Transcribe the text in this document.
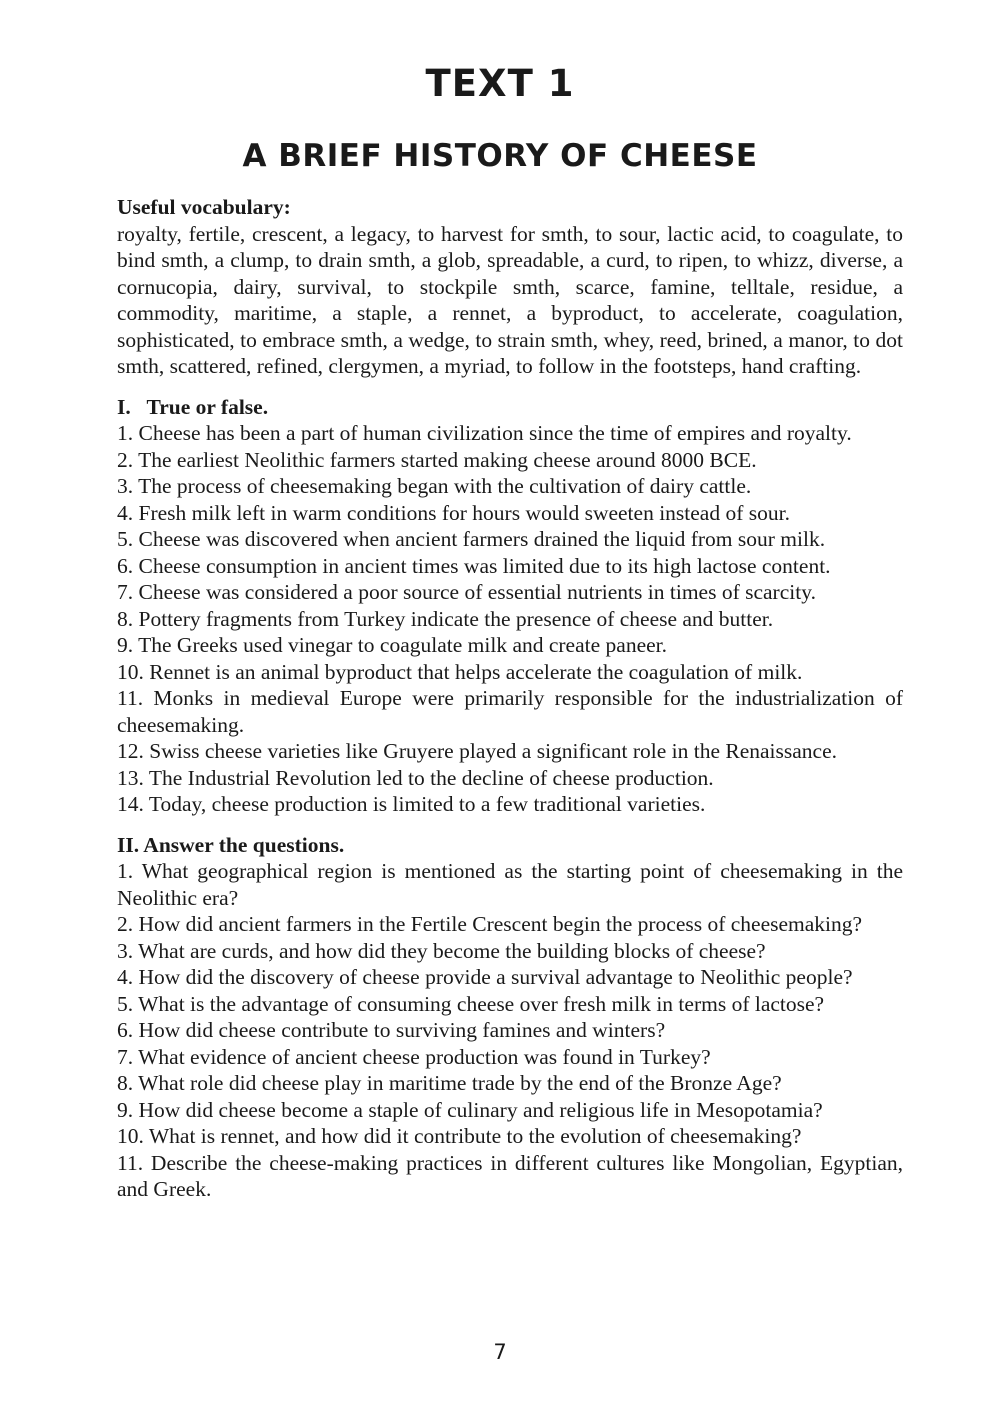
TEXT 1
A BRIEF HISTORY OF CHEESE

Useful vocabulary:

royalty, fertile, crescent, a legacy, to harvest for smth, to sour, lactic acid, to coagulate, to bind smth, a clump, to drain smth, a glob, spreadable, a curd, to ripen, to whizz, diverse, a cornucopia, dairy, survival, to stockpile smth, scarce, famine, telltale, residue, a commodity, maritime, a staple, a rennet, a byproduct, to accelerate, coagulation, sophisticated, to embrace smth, a wedge, to strain smth, whey, reed, brined, a manor, to dot smth, scattered, refined, clergymen, a myriad, to follow in the footsteps, hand crafting.

I.   True or false.

1. Cheese has been a part of human civilization since the time of empires and royalty.
2. The earliest Neolithic farmers started making cheese around 8000 BCE.
3. The process of cheesemaking began with the cultivation of dairy cattle.
4. Fresh milk left in warm conditions for hours would sweeten instead of sour.
5. Cheese was discovered when ancient farmers drained the liquid from sour milk.
6. Cheese consumption in ancient times was limited due to its high lactose content.
7. Cheese was considered a poor source of essential nutrients in times of scarcity.
8. Pottery fragments from Turkey indicate the presence of cheese and butter.
9. The Greeks used vinegar to coagulate milk and create paneer.
10. Rennet is an animal byproduct that helps accelerate the coagulation of milk.
11. Monks in medieval Europe were primarily responsible for the industrialization of cheesemaking.
12. Swiss cheese varieties like Gruyere played a significant role in the Renaissance.
13. The Industrial Revolution led to the decline of cheese production.
14. Today, cheese production is limited to a few traditional varieties.

II. Answer the questions.

1. What geographical region is mentioned as the starting point of cheesemaking in the Neolithic era?
2. How did ancient farmers in the Fertile Crescent begin the process of cheesemaking?
3. What are curds, and how did they become the building blocks of cheese?
4. How did the discovery of cheese provide a survival advantage to Neolithic people?
5. What is the advantage of consuming cheese over fresh milk in terms of lactose?
6. How did cheese contribute to surviving famines and winters?
7. What evidence of ancient cheese production was found in Turkey?
8. What role did cheese play in maritime trade by the end of the Bronze Age?
9. How did cheese become a staple of culinary and religious life in Mesopotamia?
10. What is rennet, and how did it contribute to the evolution of cheesemaking?
11. Describe the cheese-making practices in different cultures like Mongolian, Egyptian, and Greek.
7
